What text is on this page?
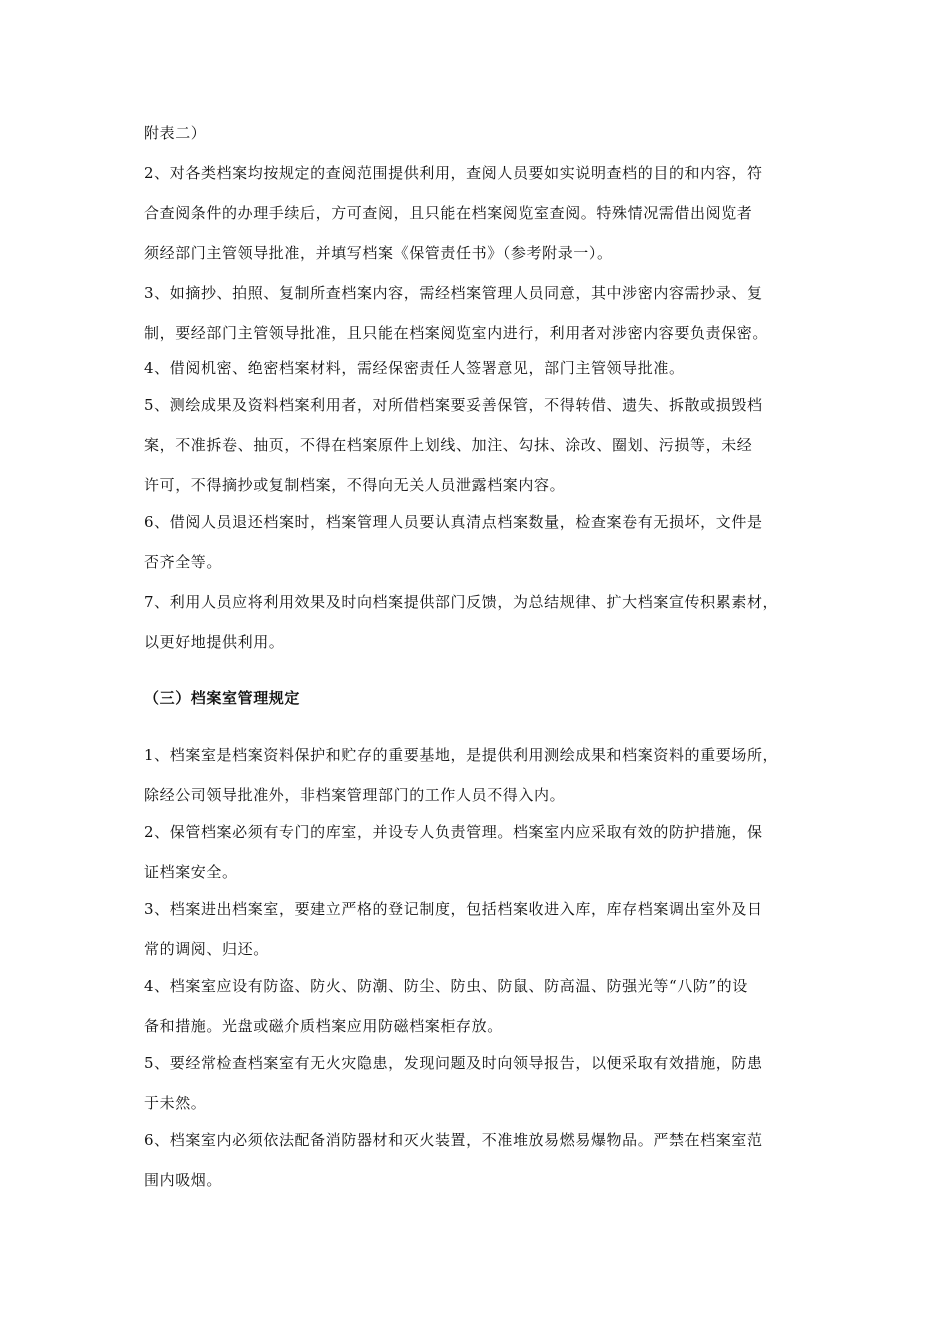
附表二）
2、对各类档案均按规定的查阅范围提供利用，查阅人员要如实说明查档的目的和内容，符
合查阅条件的办理手续后，方可查阅，且只能在档案阅览室查阅。特殊情况需借出阅览者
须经部门主管领导批准，并填写档案《保管责任书》（参考附录一）。
3、如摘抄、拍照、复制所查档案内容，需经档案管理人员同意，其中涉密内容需抄录、复
制，要经部门主管领导批准，且只能在档案阅览室内进行，利用者对涉密内容要负责保密。
4、借阅机密、绝密档案材料，需经保密责任人签署意见，部门主管领导批准。
5、测绘成果及资料档案利用者，对所借档案要妥善保管，不得转借、遗失、拆散或损毁档
案，不准拆卷、抽页，不得在档案原件上划线、加注、勾抹、涂改、圈划、污损等，未经
许可，不得摘抄或复制档案，不得向无关人员泄露档案内容。
6、借阅人员退还档案时，档案管理人员要认真清点档案数量，检查案卷有无损坏，文件是
否齐全等。
7、利用人员应将利用效果及时向档案提供部门反馈，为总结规律、扩大档案宣传积累素材，
以更好地提供利用。
（三）档案室管理规定
1、档案室是档案资料保护和贮存的重要基地，是提供利用测绘成果和档案资料的重要场所，
除经公司领导批准外，非档案管理部门的工作人员不得入内。
2、保管档案必须有专门的库室，并设专人负责管理。档案室内应采取有效的防护措施，保
证档案安全。
3、档案进出档案室，要建立严格的登记制度，包括档案收进入库，库存档案调出室外及日
常的调阅、归还。
4、档案室应设有防盗、防火、防潮、防尘、防虫、防鼠、防高温、防强光等“八防”的设
备和措施。光盘或磁介质档案应用防磁档案柜存放。
5、要经常检查档案室有无火灾隐患，发现问题及时向领导报告，以便采取有效措施，防患
于未然。
6、档案室内必须依法配备消防器材和灭火装置，不准堆放易燃易爆物品。严禁在档案室范
围内吸烟。
